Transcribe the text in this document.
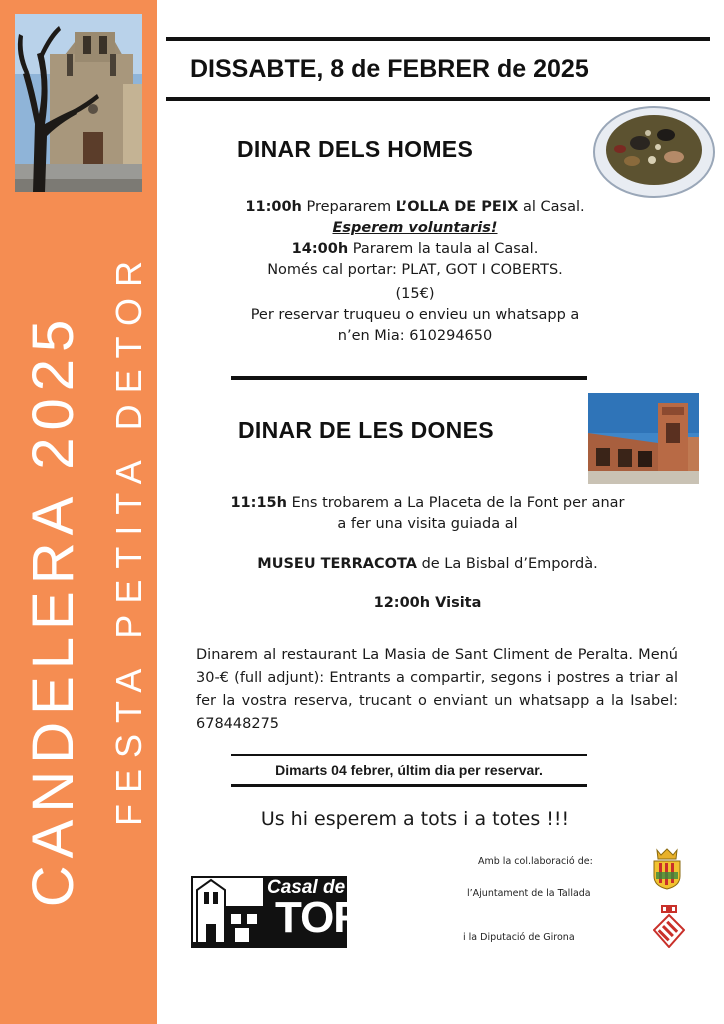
CANDELERA 2025 FESTA PETITA DETOR
DISSABTE, 8 de FEBRER de 2025
DINAR DELS HOMES
11:00h Prepararem L’OLLA DE PEIX al Casal.
Esperem voluntaris!
14:00h Pararem la taula al Casal.
Només cal portar: PLAT, GOT I COBERTS.
(15€)
Per reservar truqueu o envieu un whatsapp a
n’en Mia: 610294650
DINAR DE LES DONES
11:15h Ens trobarem a La Placeta de la Font per anar
a fer una visita guiada al
MUSEU TERRACOTA de La Bisbal d’Empordà.
12:00h Visita
Dinarem al restaurant La Masia de Sant Climent de Peralta. Menú 30-€ (full adjunt): Entrants a compartir, segons i postres a triar al fer la vostra reserva, trucant o enviant un whatsapp a la Isabel: 678448275
Dimarts 04 febrer, últim dia per reservar.
Us hi esperem a tots i a totes !!!
Casal de
TOR
Amb la col.laboració de:
l’Ajuntament de la Tallada
i la Diputació de Girona
